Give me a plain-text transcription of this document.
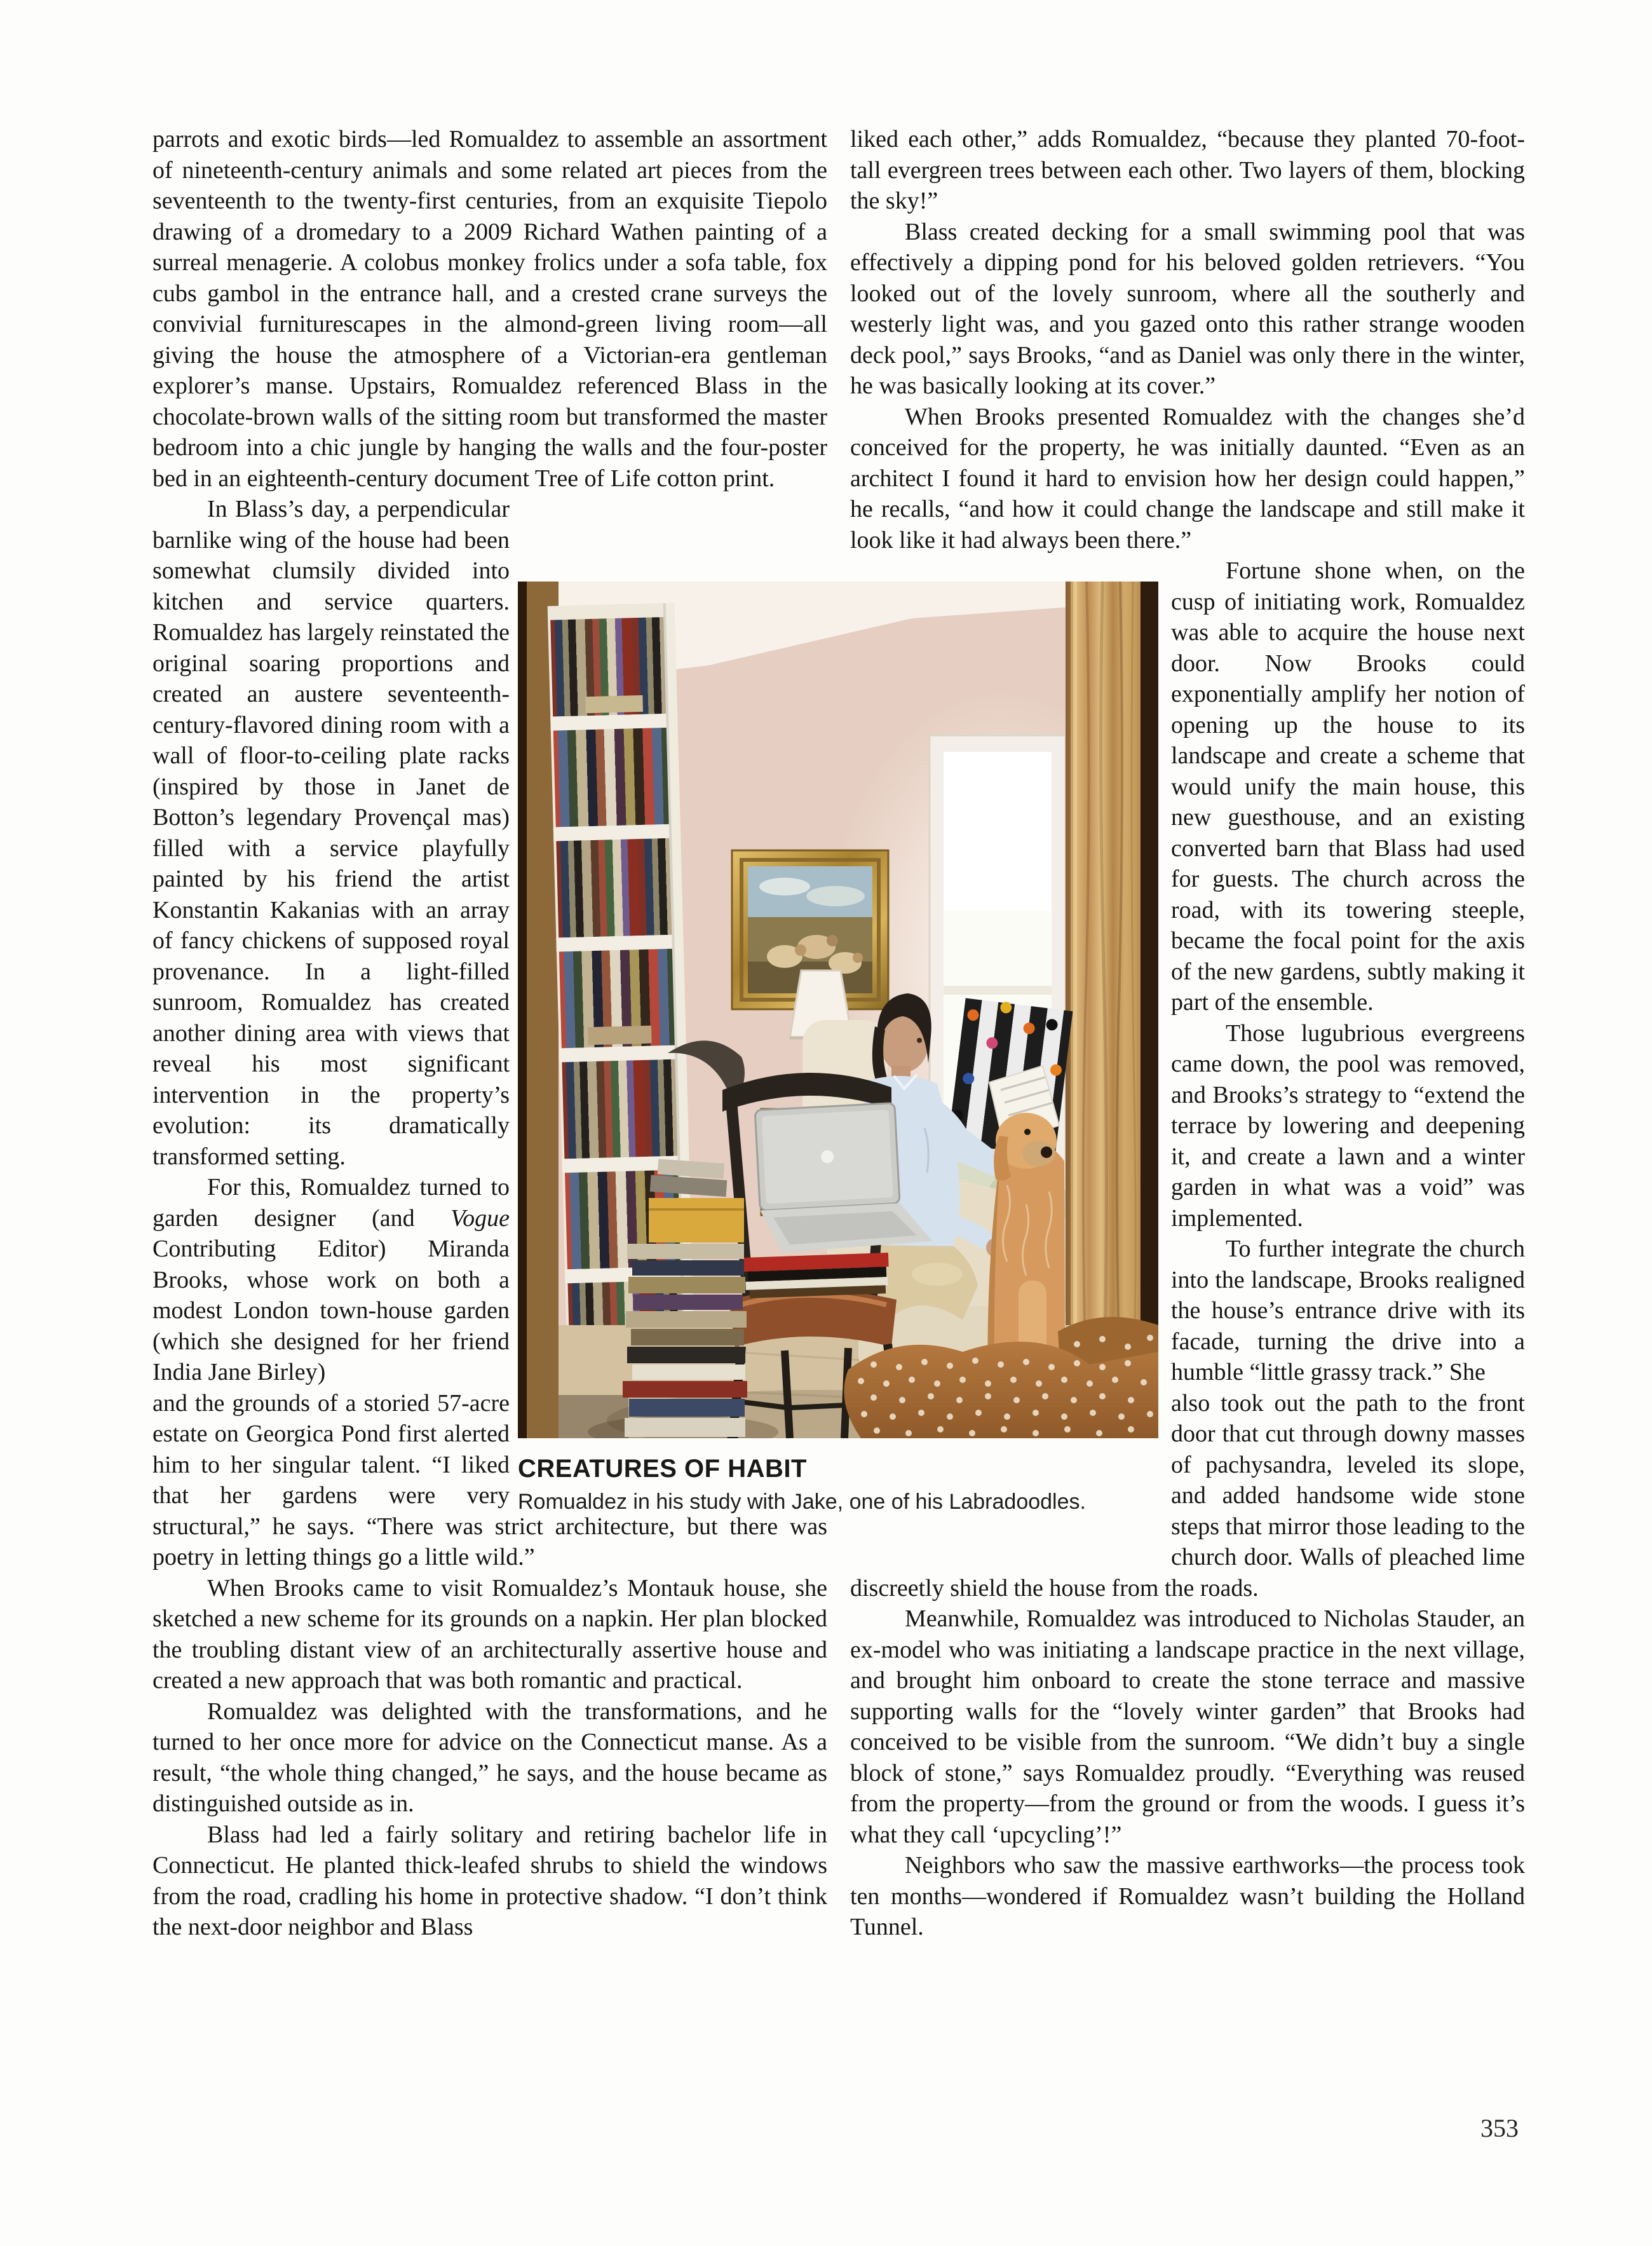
parrots and exotic birds—led Romualdez to assemble an assortment of nineteenth-century animals and some related art pieces from the seventeenth to the twenty-first centuries, from an exquisite Tiepolo drawing of a dromedary to a 2009 Richard Wathen painting of a surreal menagerie. A colobus monkey frolics under a sofa table, fox cubs gambol in the entrance hall, and a crested crane surveys the convivial furniturescapes in the almond-green living room—all giving the house the atmosphere of a Victorian-era gentleman explorer’s manse. Upstairs, Romualdez referenced Blass in the chocolate-brown walls of the sitting room but transformed the master bedroom into a chic jungle by hanging the walls and the four-poster bed in an eighteenth-century document Tree of Life cotton print.

In Blass’s day, a perpendicular barnlike wing of the house had been somewhat clumsily divided into kitchen and service quarters. Romualdez has largely reinstated the original soaring proportions and created an austere seventeenth-century-flavored dining room with a wall of floor-to-ceiling plate racks (inspired by those in Janet de Botton’s legendary Provençal mas) filled with a service playfully painted by his friend the artist Konstantin Kakanias with an array of fancy chickens of supposed royal provenance. In a light-filled sunroom, Romualdez has created another dining area with views that reveal his most significant intervention in the property’s evolution: its dramatically transformed setting.

For this, Romualdez turned to garden designer (and Vogue Contributing Editor) Miranda Brooks, whose work on both a modest London town-house garden (which she designed for her friend India Jane Birley)

and the grounds of a storied 57-acre estate on Georgica Pond first alerted him to her singular talent. “I liked that her gardens were very structural,” he says. “There was strict architecture, but there was poetry in letting things go a little wild.”

When Brooks came to visit Romualdez’s Montauk house, she sketched a new scheme for its grounds on a napkin. Her plan blocked the troubling distant view of an architecturally assertive house and created a new approach that was both romantic and practical.

Romualdez was delighted with the transformations, and he turned to her once more for advice on the Connecticut manse. As a result, “the whole thing changed,” he says, and the house became as distinguished outside as in.

Blass had led a fairly solitary and retiring bachelor life in Connecticut. He planted thick-leafed shrubs to shield the windows from the road, cradling his home in protective shadow. “I don’t think the next-door neighbor and Blass

liked each other,” adds Romualdez, “because they planted 70-foot-tall evergreen trees between each other. Two layers of them, blocking the sky!”

Blass created decking for a small swimming pool that was effectively a dipping pond for his beloved golden retrievers. “You looked out of the lovely sunroom, where all the southerly and westerly light was, and you gazed onto this rather strange wooden deck pool,” says Brooks, “and as Daniel was only there in the winter, he was basically looking at its cover.”

When Brooks presented Romualdez with the changes she’d conceived for the property, he was initially daunted. “Even as an architect I found it hard to envision how her design could happen,” he recalls, “and how it could change the landscape and still make it look like it had always been there.”

Fortune shone when, on the cusp of initiating work, Romualdez was able to acquire the house next door. Now Brooks could exponentially amplify her notion of opening up the house to its landscape and create a scheme that would unify the main house, this new guesthouse, and an existing converted barn that Blass had used for guests. The church across the road, with its towering steeple, became the focal point for the axis of the new gardens, subtly making it part of the ensemble.

Those lugubrious evergreens came down, the pool was removed, and Brooks’s strategy to “extend the terrace by lowering and deepening it, and create a lawn and a winter garden in what was a void” was implemented.

To further integrate the church into the landscape, Brooks realigned the house’s entrance drive with its facade, turning the drive into a humble “little grassy track.” She

also took out the path to the front door that cut through downy masses of pachysandra, leveled its slope, and added handsome wide stone steps that mirror those leading to the church door. Walls of pleached lime discreetly shield the house from the roads.

Meanwhile, Romualdez was introduced to Nicholas Stauder, an ex-model who was initiating a landscape practice in the next village, and brought him onboard to create the stone terrace and massive supporting walls for the “lovely winter garden” that Brooks had conceived to be visible from the sunroom. “We didn’t buy a single block of stone,” says Romualdez proudly. “Everything was reused from the property—from the ground or from the woods. I guess it’s what they call ‘upcycling’!”

Neighbors who saw the massive earthworks—the process took ten months—wondered if Romualdez wasn’t building the Holland Tunnel.

CREATURES OF HABIT
Romualdez in his study with Jake, one of his Labradoodles.
353
